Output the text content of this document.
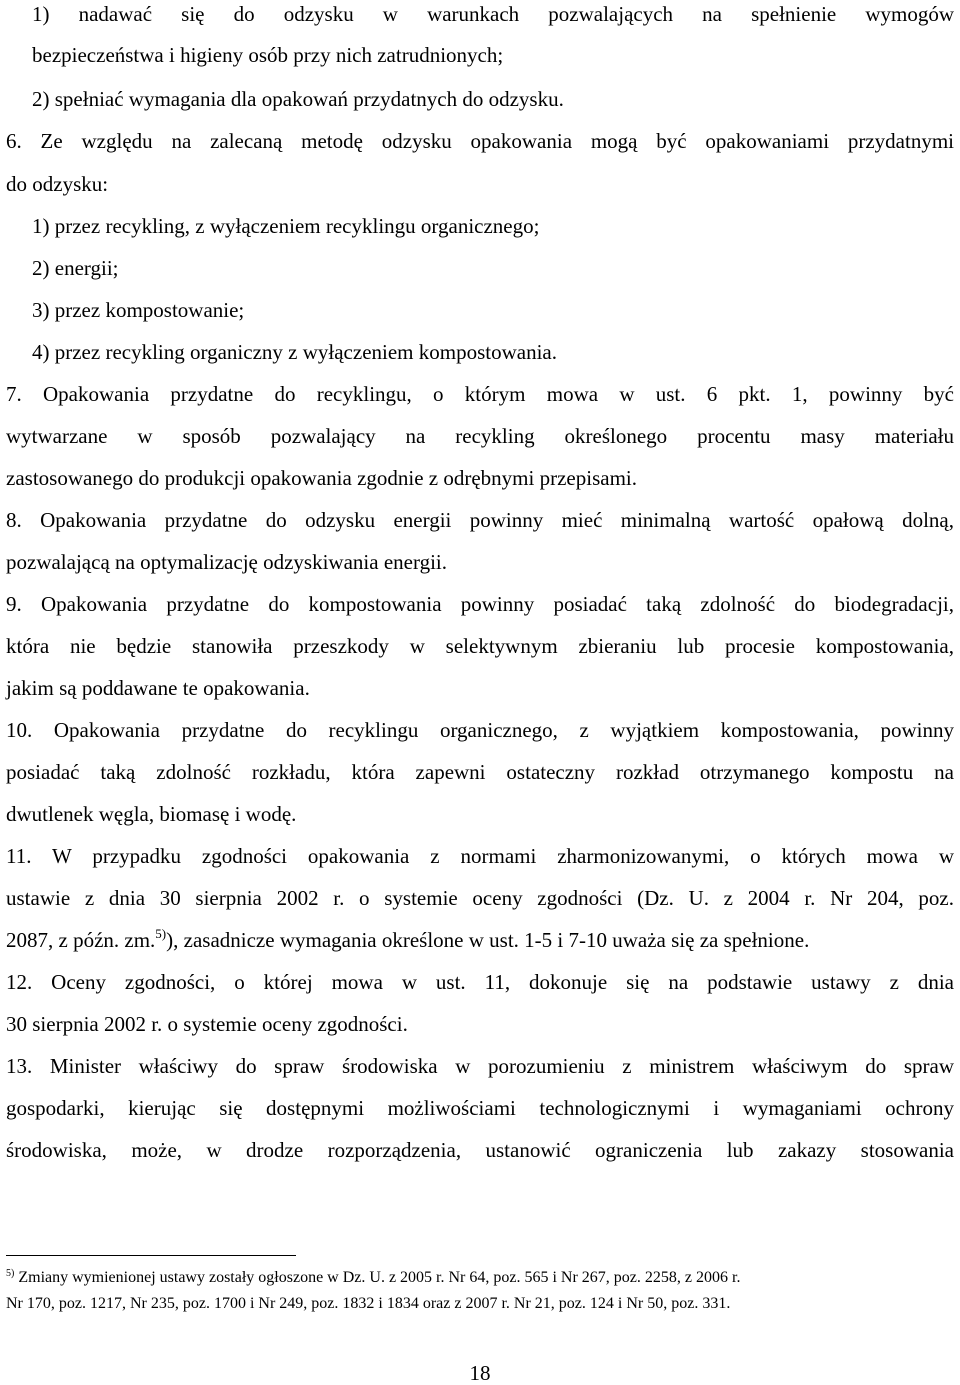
1) nadawać się do odzysku w warunkach pozwalających na spełnienie wymogów
bezpieczeństwa i higieny osób przy nich zatrudnionych;
2) spełniać wymagania dla opakowań przydatnych do odzysku.
6. Ze względu na zalecaną metodę odzysku opakowania mogą być opakowaniami przydatnymi
do odzysku:
1) przez recykling, z wyłączeniem recyklingu organicznego;
2) energii;
3) przez kompostowanie;
4) przez recykling organiczny z wyłączeniem kompostowania.
7. Opakowania przydatne do recyklingu, o którym mowa w ust. 6 pkt. 1, powinny być
wytwarzane w sposób pozwalający na recykling określonego procentu masy materiału
zastosowanego do produkcji opakowania zgodnie z odrębnymi przepisami.
8. Opakowania przydatne do odzysku energii powinny mieć minimalną wartość opałową dolną,
pozwalającą na optymalizację odzyskiwania energii.
9. Opakowania przydatne do kompostowania powinny posiadać taką zdolność do biodegradacji,
która nie będzie stanowiła przeszkody w selektywnym zbieraniu lub procesie kompostowania,
jakim są poddawane te opakowania.
10. Opakowania przydatne do recyklingu organicznego, z wyjątkiem kompostowania, powinny
posiadać taką zdolność rozkładu, która zapewni ostateczny rozkład otrzymanego kompostu na
dwutlenek węgla, biomasę i wodę.
11. W przypadku zgodności opakowania z normami zharmonizowanymi, o których mowa w
ustawie z dnia 30 sierpnia 2002 r. o systemie oceny zgodności (Dz. U. z 2004 r. Nr 204, poz.
2087, z późn. zm.$^{5)}$), zasadnicze wymagania określone w ust. 1-5 i 7-10 uważa się za spełnione.
12. Oceny zgodności, o której mowa w ust. 11, dokonuje się na podstawie ustawy z dnia
30 sierpnia 2002 r. o systemie oceny zgodności.
13. Minister właściwy do spraw środowiska w porozumieniu z ministrem właściwym do spraw
gospodarki, kierując się dostępnymi możliwościami technologicznymi i wymaganiami ochrony
środowiska, może, w drodze rozporządzenia, ustanowić ograniczenia lub zakazy stosowania
$^{5)}$ Zmiany wymienionej ustawy zostały ogłoszone w Dz. U. z 2005 r. Nr 64, poz. 565 i Nr 267, poz. 2258, z 2006 r.
Nr 170, poz. 1217, Nr 235, poz. 1700 i Nr 249, poz. 1832 i 1834 oraz z 2007 r. Nr 21, poz. 124 i Nr 50, poz. 331.
18
